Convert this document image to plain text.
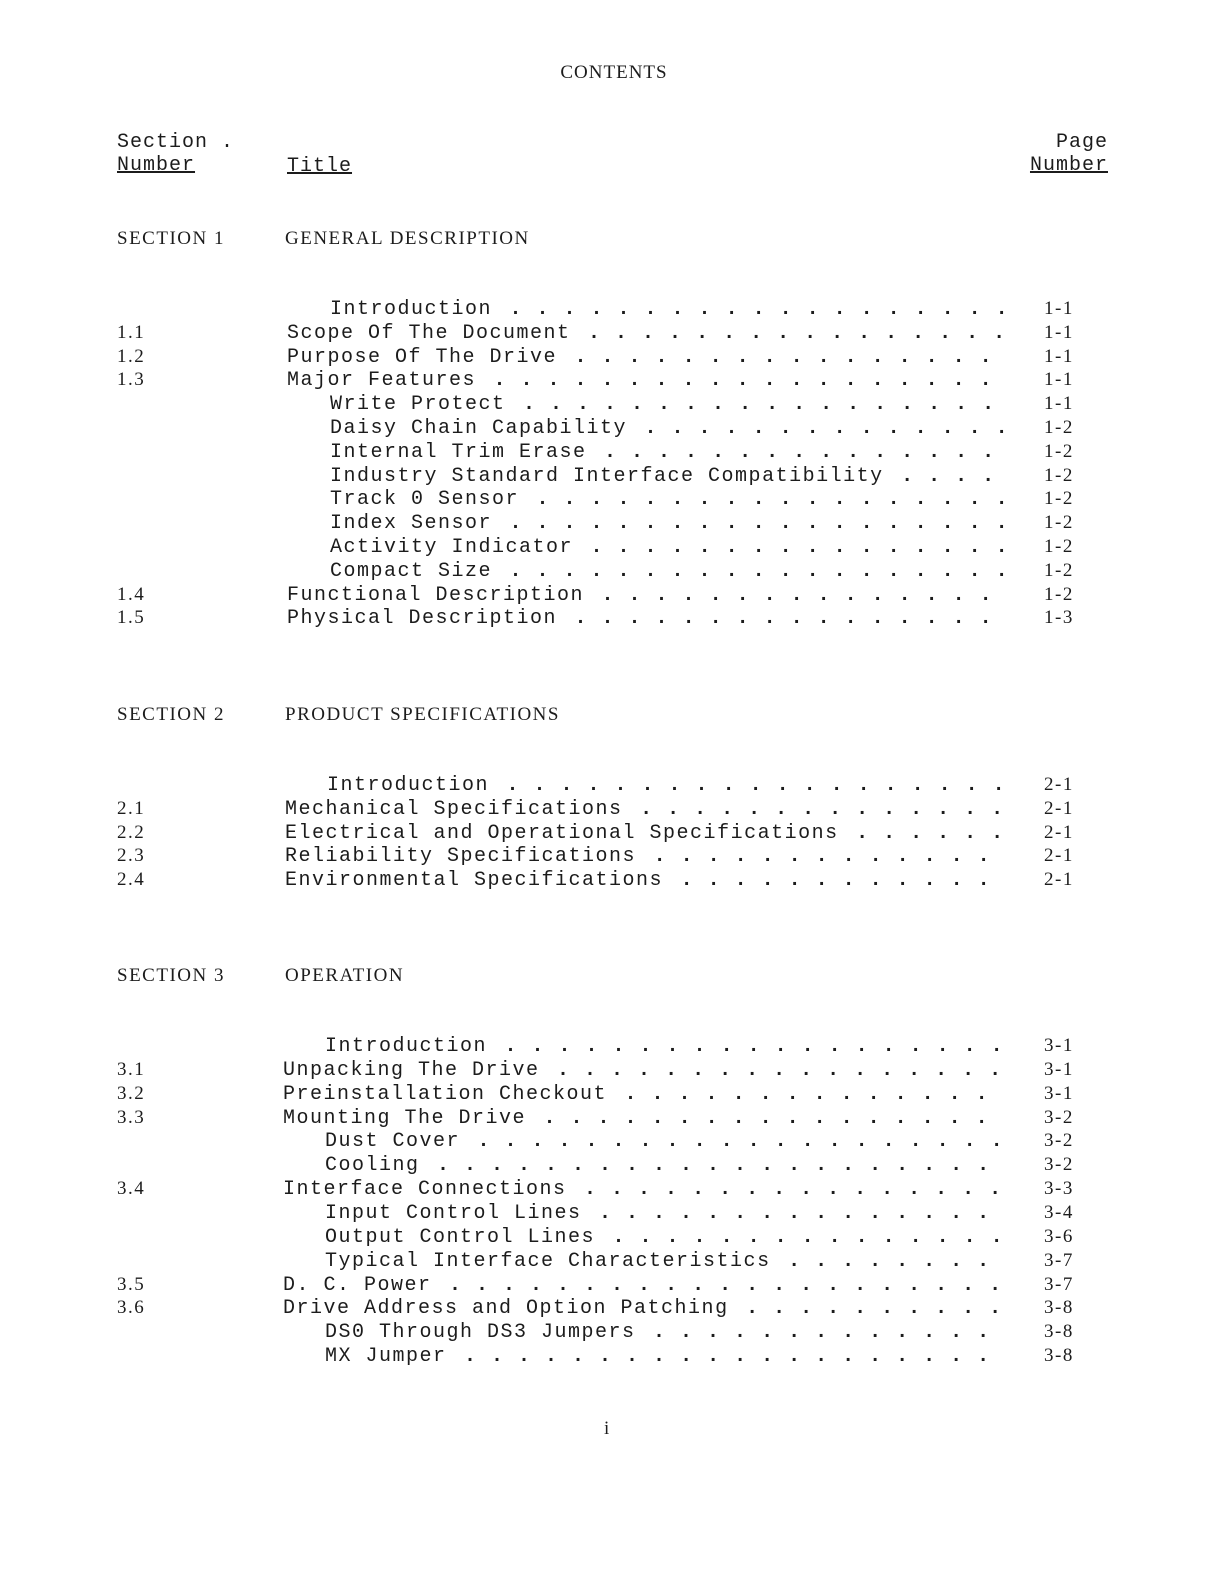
CONTENTS
Section .
Number	Title
Page
Number
SECTION 1	GENERAL DESCRIPTION
Introduction . . .	1-1
1.1	Scope Of The Document . . .	1-1
1.2	Purpose Of The Drive . . .	1-1
1.3	Major Features . . .	1-1
Write Protect . . .	1-1
Daisy Chain Capability . . .	1-2
Internal Trim Erase . . .	1-2
Industry Standard Interface Compatibility . . .	1-2
Track 0 Sensor . . .	1-2
Index Sensor . . .	1-2
Activity Indicator . . .	1-2
Compact Size . . .	1-2
1.4	Functional Description . . .	1-2
1.5	Physical Description . . .	1-3
SECTION 2	PRODUCT SPECIFICATIONS
Introduction . . .	2-1
2.1	Mechanical Specifications . . .	2-1
2.2	Electrical and Operational Specifications . . .	2-1
2.3	Reliability Specifications . . .	2-1
2.4	Environmental Specifications . . .	2-1
SECTION 3	OPERATION
Introduction . . .	3-1
3.1	Unpacking The Drive . . .	3-1
3.2	Preinstallation Checkout . . .	3-1
3.3	Mounting The Drive . . .	3-2
Dust Cover . . .	3-2
Cooling . . .	3-2
3.4	Interface Connections . . .	3-3
Input Control Lines . . .	3-4
Output Control Lines . . .	3-6
Typical Interface Characteristics . . .	3-7
3.5	D. C. Power . . .	3-7
3.6	Drive Address and Option Patching . . .	3-8
DS0 Through DS3 Jumpers . . .	3-8
MX Jumper . . .	3-8
i
